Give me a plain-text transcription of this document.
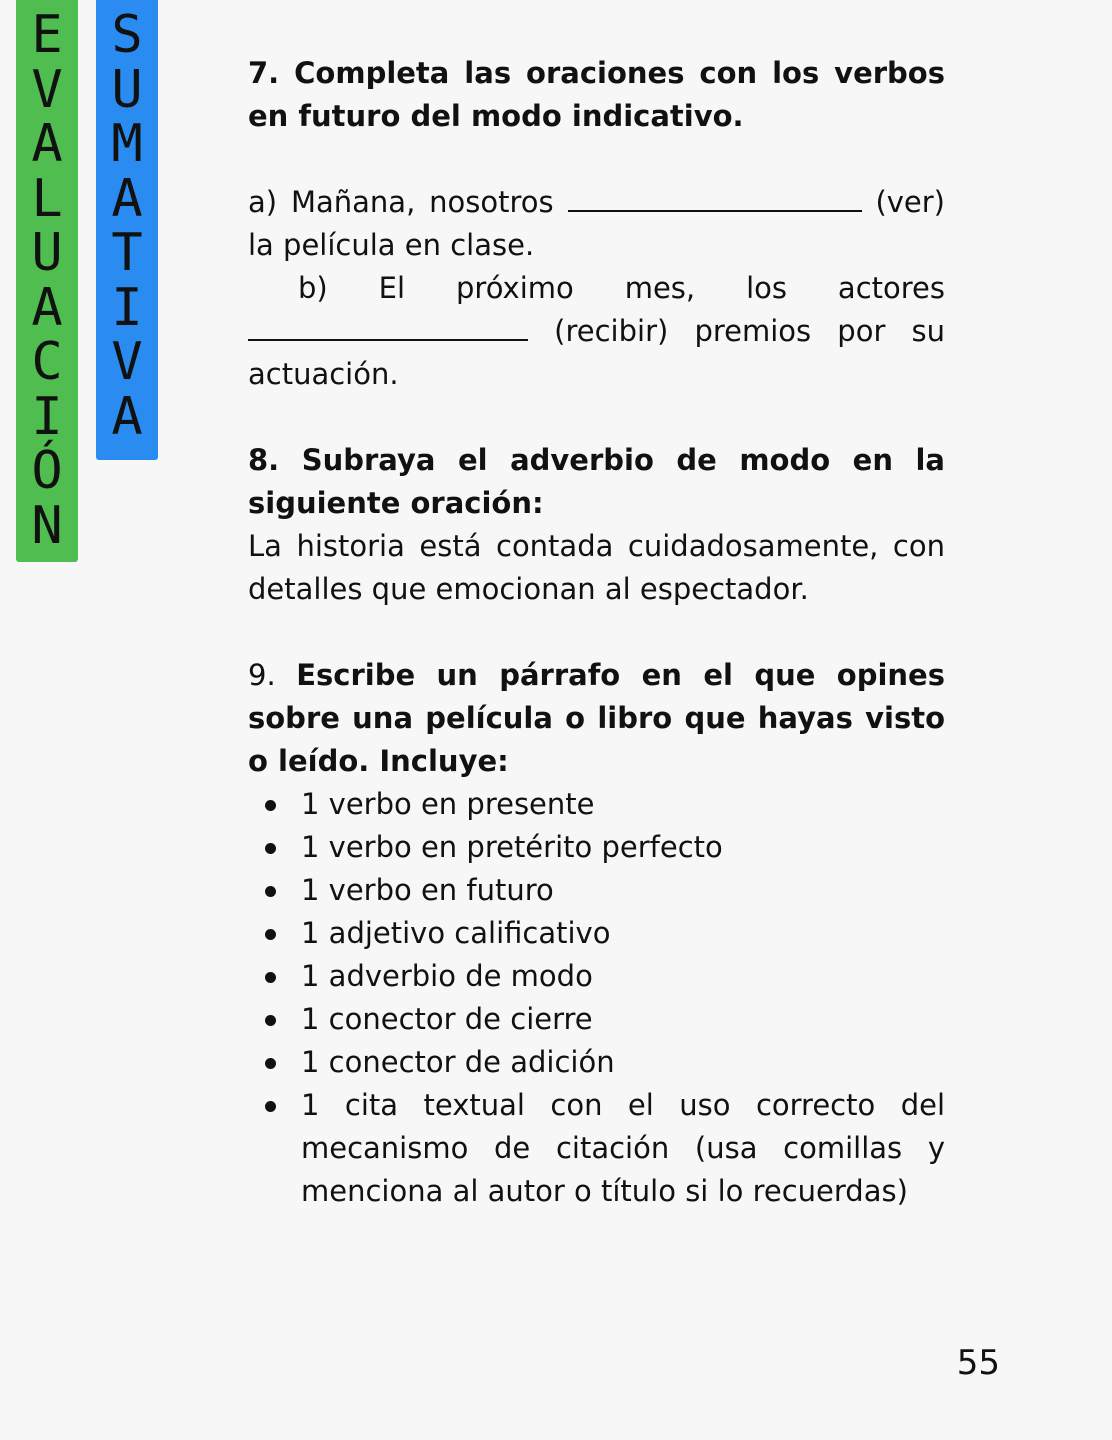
E
V
A
L
U
A
C
I
Ó
N
S
U
M
A
T
I
V
A

7. Completa las oraciones con los verbos en futuro del modo indicativo.

a) Mañana, nosotros	(ver) la película en clase.

b) El próximo mes, los actores  (recibir) premios por su actuación.

8. Subraya el adverbio de modo en la siguiente oración:

La historia está contada cuidadosamente, con detalles que emocionan al espectador.

9. Escribe un párrafo en el que opines sobre una película o libro que hayas visto o leído. Incluye:

1 verbo en presente
1 verbo en pretérito perfecto
1 verbo en futuro
1 adjetivo calificativo
1 adverbio de modo
1 conector de cierre
1 conector de adición
1 cita textual con el uso correcto del mecanismo de citación (usa comillas y menciona al autor o título si lo recuerdas)
55
